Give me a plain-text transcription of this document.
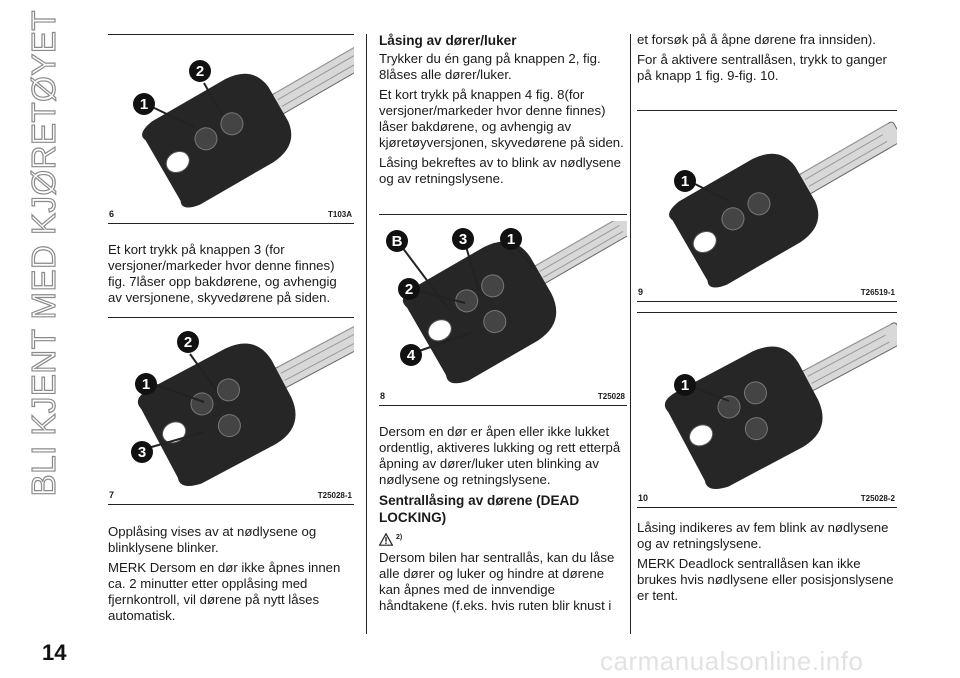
BLI KJENT MED KJØRETØYET
14
1
2
6	T103A

Et kort trykk på knappen 3 (for versjoner/markeder hvor denne finnes) fig. 7låser opp bakdørene, og avhengig av versjonene, skyvedørene på siden.

1
2
3
7	T25028-1

Opplåsing vises av at nødlysene og blinklysene blinker.

MERK Dersom en dør ikke åpnes innen ca. 2 minutter etter opplåsing med fjernkontroll, vil dørene på nytt låses automatisk.

Låsing av dører/luker

Trykker du én gang på knappen 2, fig. 8låses alle dører/luker.

Et kort trykk på knappen 4 fig. 8(for versjoner/markeder hvor denne finnes) låser bakdørene, og avhengig av kjøretøyversjonen, skyvedørene på siden.

Låsing bekreftes av to blink av nødlysene og av retningslysene.

B	3	1
2
4
8	T25028

Dersom en dør er åpen eller ikke lukket ordentlig, aktiveres lukking og rett etterpå åpning av dører/luker uten blinking av nødlysene og retningslysene.

Sentrallåsing av dørene (DEAD LOCKING)
2)

Dersom bilen har sentrallås, kan du låse alle dører og luker og hindre at dørene kan åpnes med de innvendige håndtakene (f.eks. hvis ruten blir knust i

et forsøk på å åpne dørene fra innsiden).

For å aktivere sentrallåsen, trykk to ganger på knapp 1 fig. 9-fig. 10.

1
9	T26519-1
1
10	T25028-2

Låsing indikeres av fem blink av nødlysene og av retningslysene.

MERK Deadlock sentrallåsen kan ikke brukes hvis nødlysene eller posisjonslysene er tent.

carmanualsonline.info
